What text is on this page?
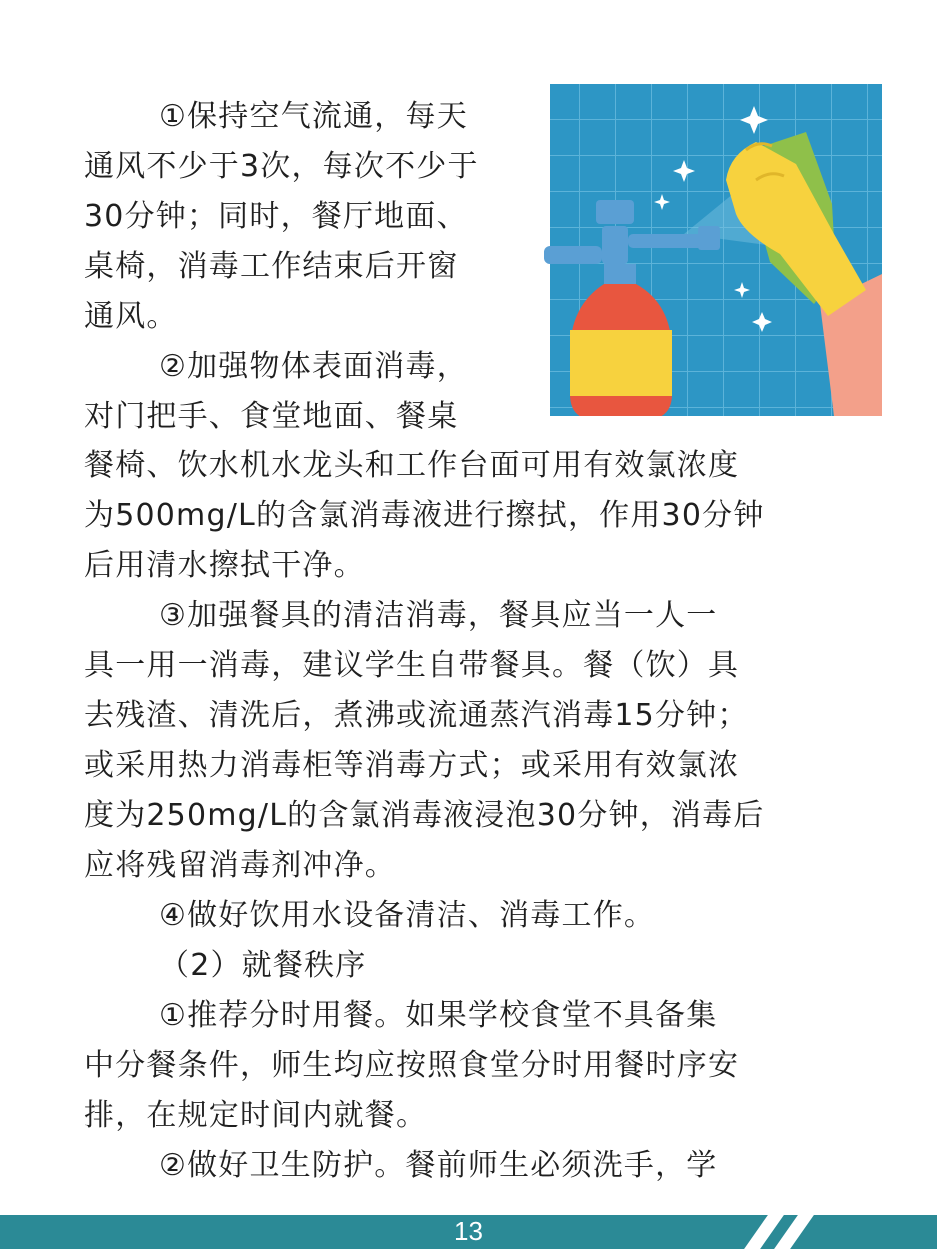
①保持空气流通，每天

通风不少于3次，每次不少于

30分钟；同时，餐厅地面、

桌椅，消毒工作结束后开窗

通风。

②加强物体表面消毒，

对门把手、食堂地面、餐桌

餐椅、饮水机水龙头和工作台面可用有效氯浓度

为500mg/L的含氯消毒液进行擦拭，作用30分钟

后用清水擦拭干净。

③加强餐具的清洁消毒，餐具应当一人一

具一用一消毒，建议学生自带餐具。餐（饮）具

去残渣、清洗后，煮沸或流通蒸汽消毒15分钟；

或采用热力消毒柜等消毒方式；或采用有效氯浓

度为250mg/L的含氯消毒液浸泡30分钟，消毒后

应将残留消毒剂冲净。

④做好饮用水设备清洁、消毒工作。

（2）就餐秩序

①推荐分时用餐。如果学校食堂不具备集

中分餐条件，师生均应按照食堂分时用餐时序安

排，在规定时间内就餐。

②做好卫生防护。餐前师生必须洗手，学

13
